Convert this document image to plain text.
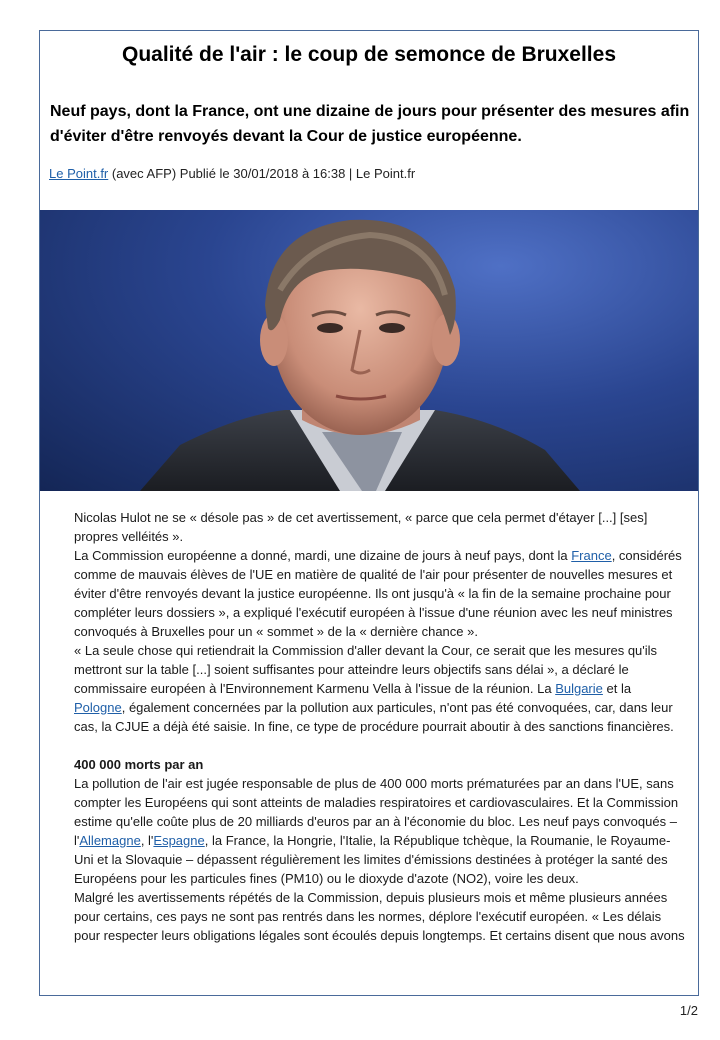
Qualité de l'air : le coup de semonce de Bruxelles

Neuf pays, dont la France, ont une dizaine de jours pour présenter des mesures afin d'éviter d'être renvoyés devant la Cour de justice européenne.

Le Point.fr (avec AFP) Publié le 30/01/2018 à 16:38 | Le Point.fr

Nicolas Hulot ne se « désole pas » de cet avertissement, « parce que cela permet d'étayer [...] [ses] propres velléités ».

La Commission européenne a donné, mardi, une dizaine de jours à neuf pays, dont la France, considérés comme de mauvais élèves de l'UE en matière de qualité de l'air pour présenter de nouvelles mesures et éviter d'être renvoyés devant la justice européenne. Ils ont jusqu'à « la fin de la semaine prochaine pour compléter leurs dossiers », a expliqué l'exécutif européen à l'issue d'une réunion avec les neuf ministres convoqués à Bruxelles pour un « sommet » de la « dernière chance ».

« La seule chose qui retiendrait la Commission d'aller devant la Cour, ce serait que les mesures qu'ils mettront sur la table [...] soient suffisantes pour atteindre leurs objectifs sans délai », a déclaré le commissaire européen à l'Environnement Karmenu Vella à l'issue de la réunion. La Bulgarie et la Pologne, également concernées par la pollution aux particules, n'ont pas été convoquées, car, dans leur cas, la CJUE a déjà été saisie. In fine, ce type de procédure pourrait aboutir à des sanctions financières.

400 000 morts par an

La pollution de l'air est jugée responsable de plus de 400 000 morts prématurées par an dans l'UE, sans compter les Européens qui sont atteints de maladies respiratoires et cardiovasculaires. Et la Commission estime qu'elle coûte plus de 20 milliards d'euros par an à l'économie du bloc. Les neuf pays convoqués – l'Allemagne, l'Espagne, la France, la Hongrie, l'Italie, la République tchèque, la Roumanie, le Royaume-Uni et la Slovaquie – dépassent régulièrement les limites d'émissions destinées à protéger la santé des Européens pour les particules fines (PM10) ou le dioxyde d'azote (NO2), voire les deux.

Malgré les avertissements répétés de la Commission, depuis plusieurs mois et même plusieurs années pour certains, ces pays ne sont pas rentrés dans les normes, déplore l'exécutif européen. « Les délais pour respecter leurs obligations légales sont écoulés depuis longtemps. Et certains disent que nous avons

1/2
